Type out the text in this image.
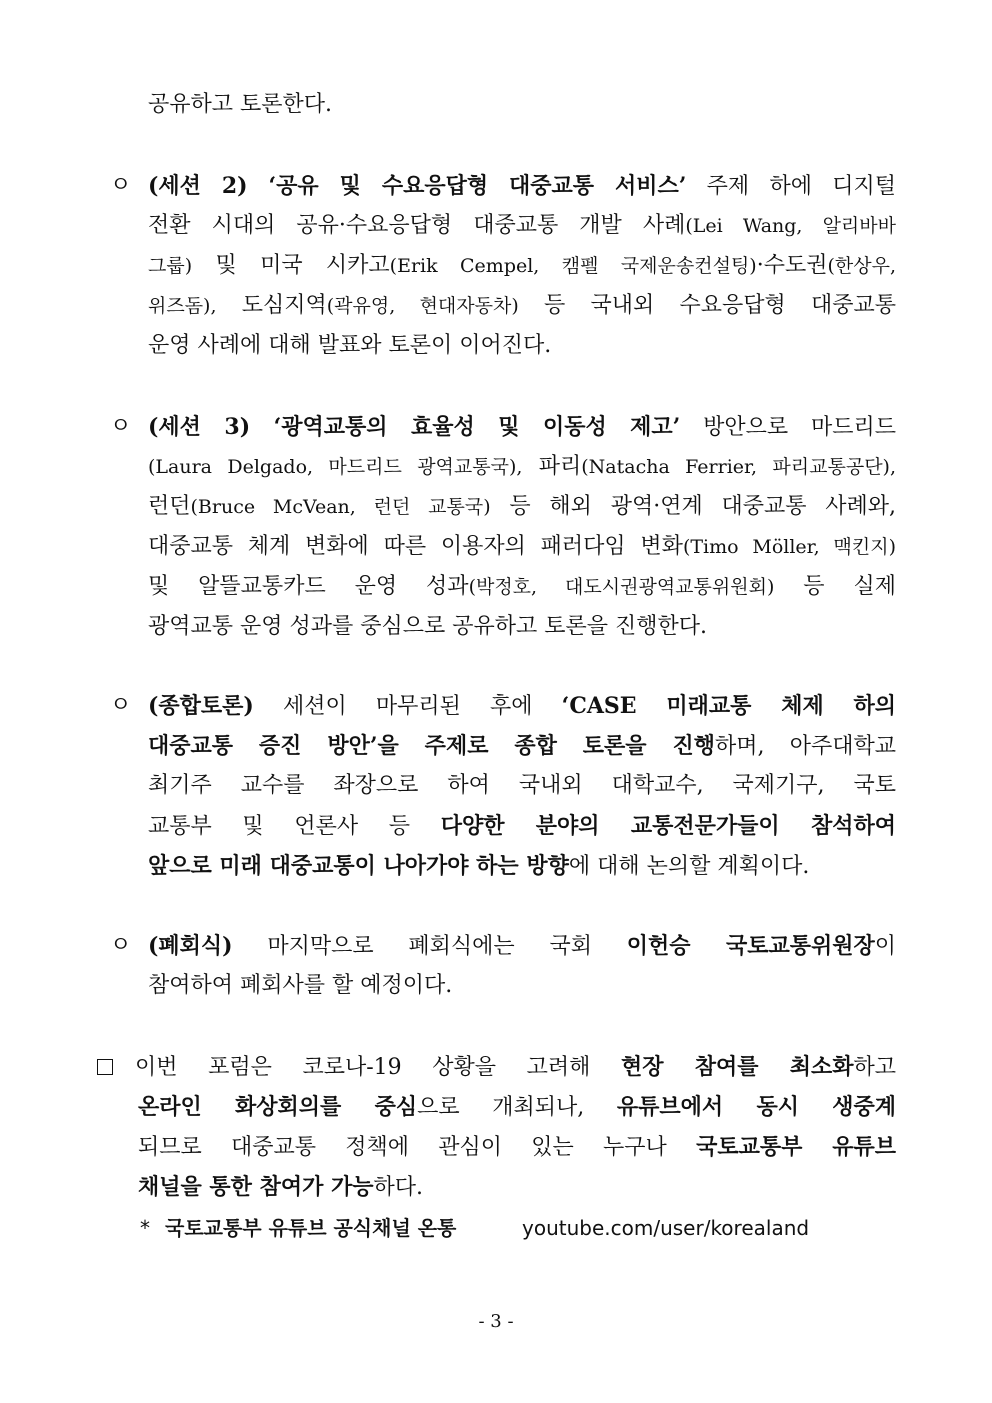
공유하고 토론한다.
ㅇ (세션 2) ‘공유 및 수요응답형 대중교통 서비스’ 주제 하에 디지털
전환 시대의 공유·수요응답형 대중교통 개발 사례(Lei Wang, 알리바바
그룹) 및 미국 시카고(Erik Cempel, 캠펠 국제운송컨설팅)·수도권(한상우,
위즈돔), 도심지역(곽유영, 현대자동차) 등 국내외 수요응답형 대중교통
운영 사례에 대해 발표와 토론이 이어진다.
ㅇ (세션 3) ‘광역교통의 효율성 및 이동성 제고’ 방안으로 마드리드
(Laura Delgado, 마드리드 광역교통국), 파리(Natacha Ferrier, 파리교통공단),
런던(Bruce McVean, 런던 교통국) 등 해외 광역·연계 대중교통 사례와,
대중교통 체계 변화에 따른 이용자의 패러다임 변화(Timo Möller, 맥킨지)
및 알뜰교통카드 운영 성과(박정호, 대도시권광역교통위원회) 등 실제
광역교통 운영 성과를 중심으로 공유하고 토론을 진행한다.
ㅇ (종합토론) 세션이 마무리된 후에 ‘CASE 미래교통 체제 하의
대중교통 증진 방안’을 주제로 종합 토론을 진행하며, 아주대학교
최기주 교수를 좌장으로 하여 국내외 대학교수, 국제기구, 국토
교통부 및 언론사 등 다양한 분야의 교통전문가들이 참석하여
앞으로 미래 대중교통이 나아가야 하는 방향에 대해 논의할 계획이다.
ㅇ (폐회식) 마지막으로 폐회식에는 국회 이헌승 국토교통위원장이
참여하여 폐회사를 할 예정이다.
이번 포럼은 코로나-19 상황을 고려해 현장 참여를 최소화하고
온라인 화상회의를 중심으로 개최되나, 유튜브에서 동시 생중계
되므로 대중교통 정책에 관심이 있는 누구나 국토교통부 유튜브
채널을 통한 참여가 가능하다.
* 국토교통부 유튜브 공식채널 온통	youtube.com/user/korealand
- 3 -
